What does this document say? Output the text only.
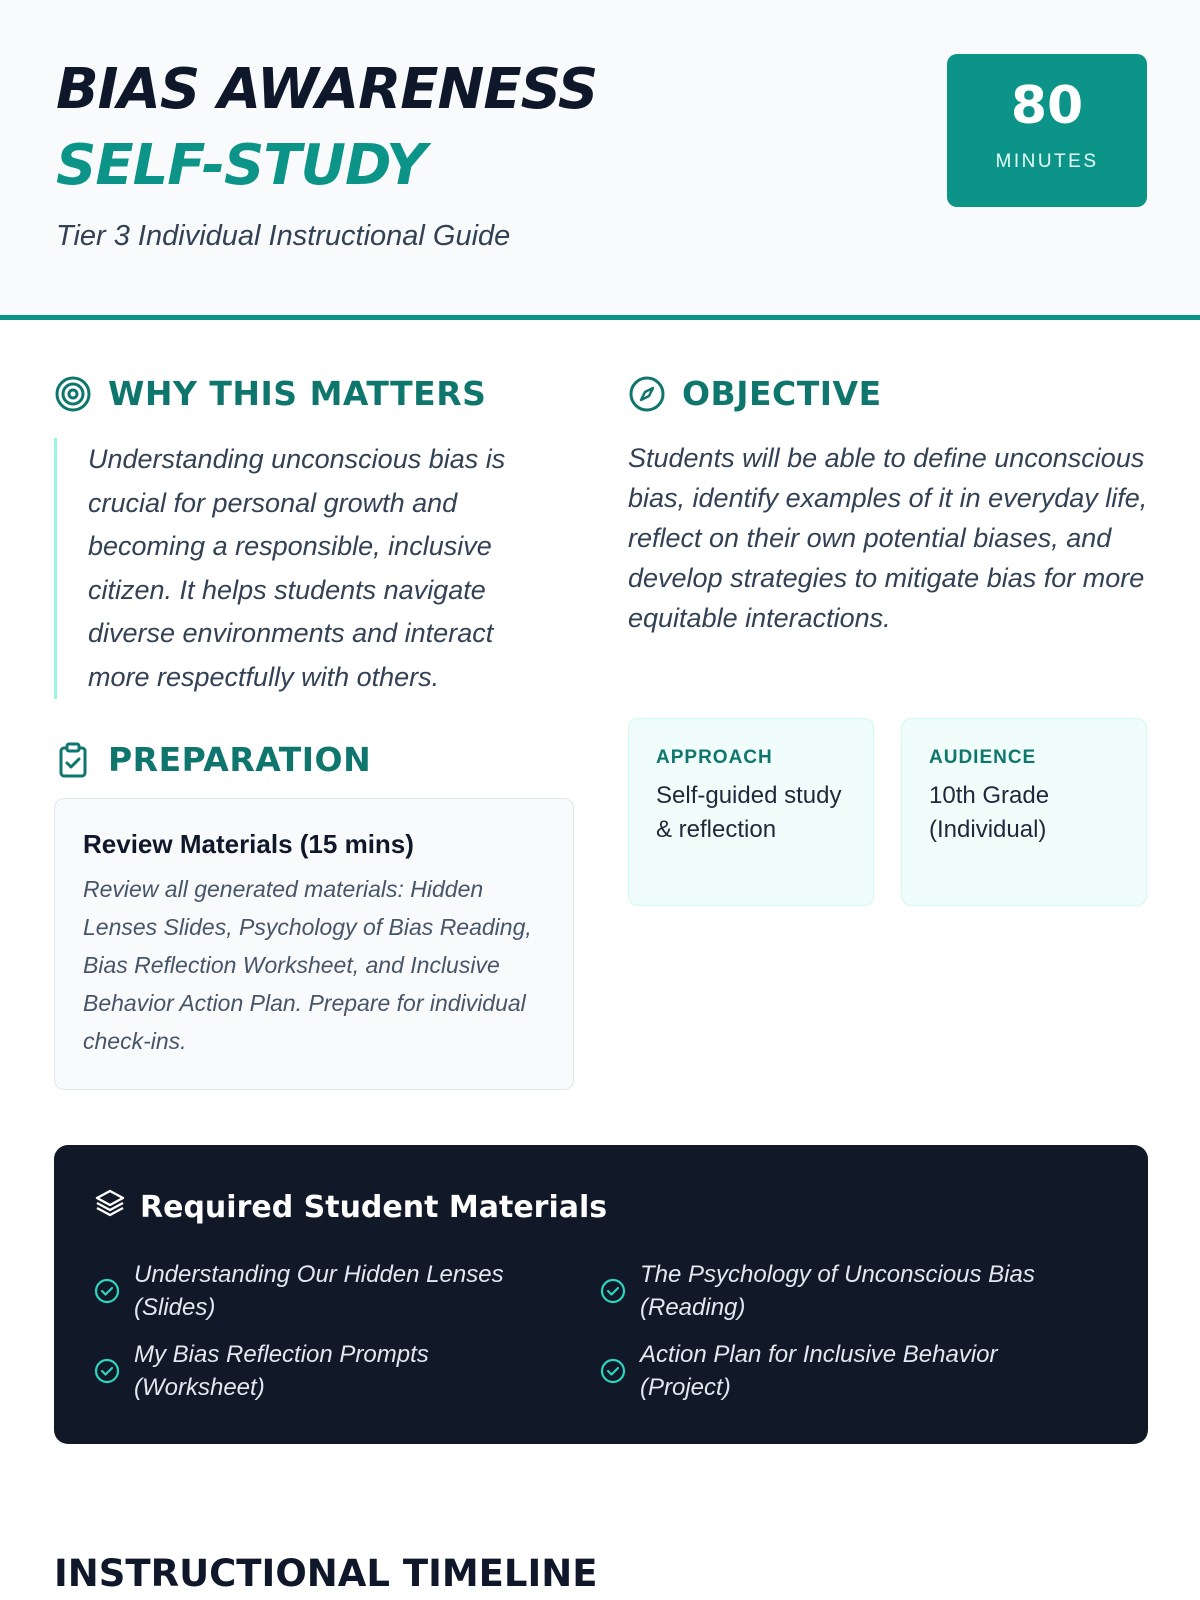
BIAS AWARENESS
SELF-STUDY
Tier 3 Individual Instructional Guide
80
MINUTES
WHY THIS MATTERS
Understanding unconscious bias is crucial for personal growth and becoming a responsible, inclusive citizen. It helps students navigate diverse environments and interact more respectfully with others.
OBJECTIVE
Students will be able to define unconscious bias, identify examples of it in everyday life, reflect on their own potential biases, and develop strategies to mitigate bias for more equitable interactions.
APPROACH
Self-guided study & reflection
AUDIENCE
10th Grade (Individual)
PREPARATION
Review Materials (15 mins)
Review all generated materials: Hidden Lenses Slides, Psychology of Bias Reading, Bias Reflection Worksheet, and Inclusive Behavior Action Plan. Prepare for individual check-ins.
Required Student Materials
Understanding Our Hidden Lenses (Slides)
The Psychology of Unconscious Bias (Reading)
My Bias Reflection Prompts (Worksheet)
Action Plan for Inclusive Behavior (Project)
INSTRUCTIONAL TIMELINE
